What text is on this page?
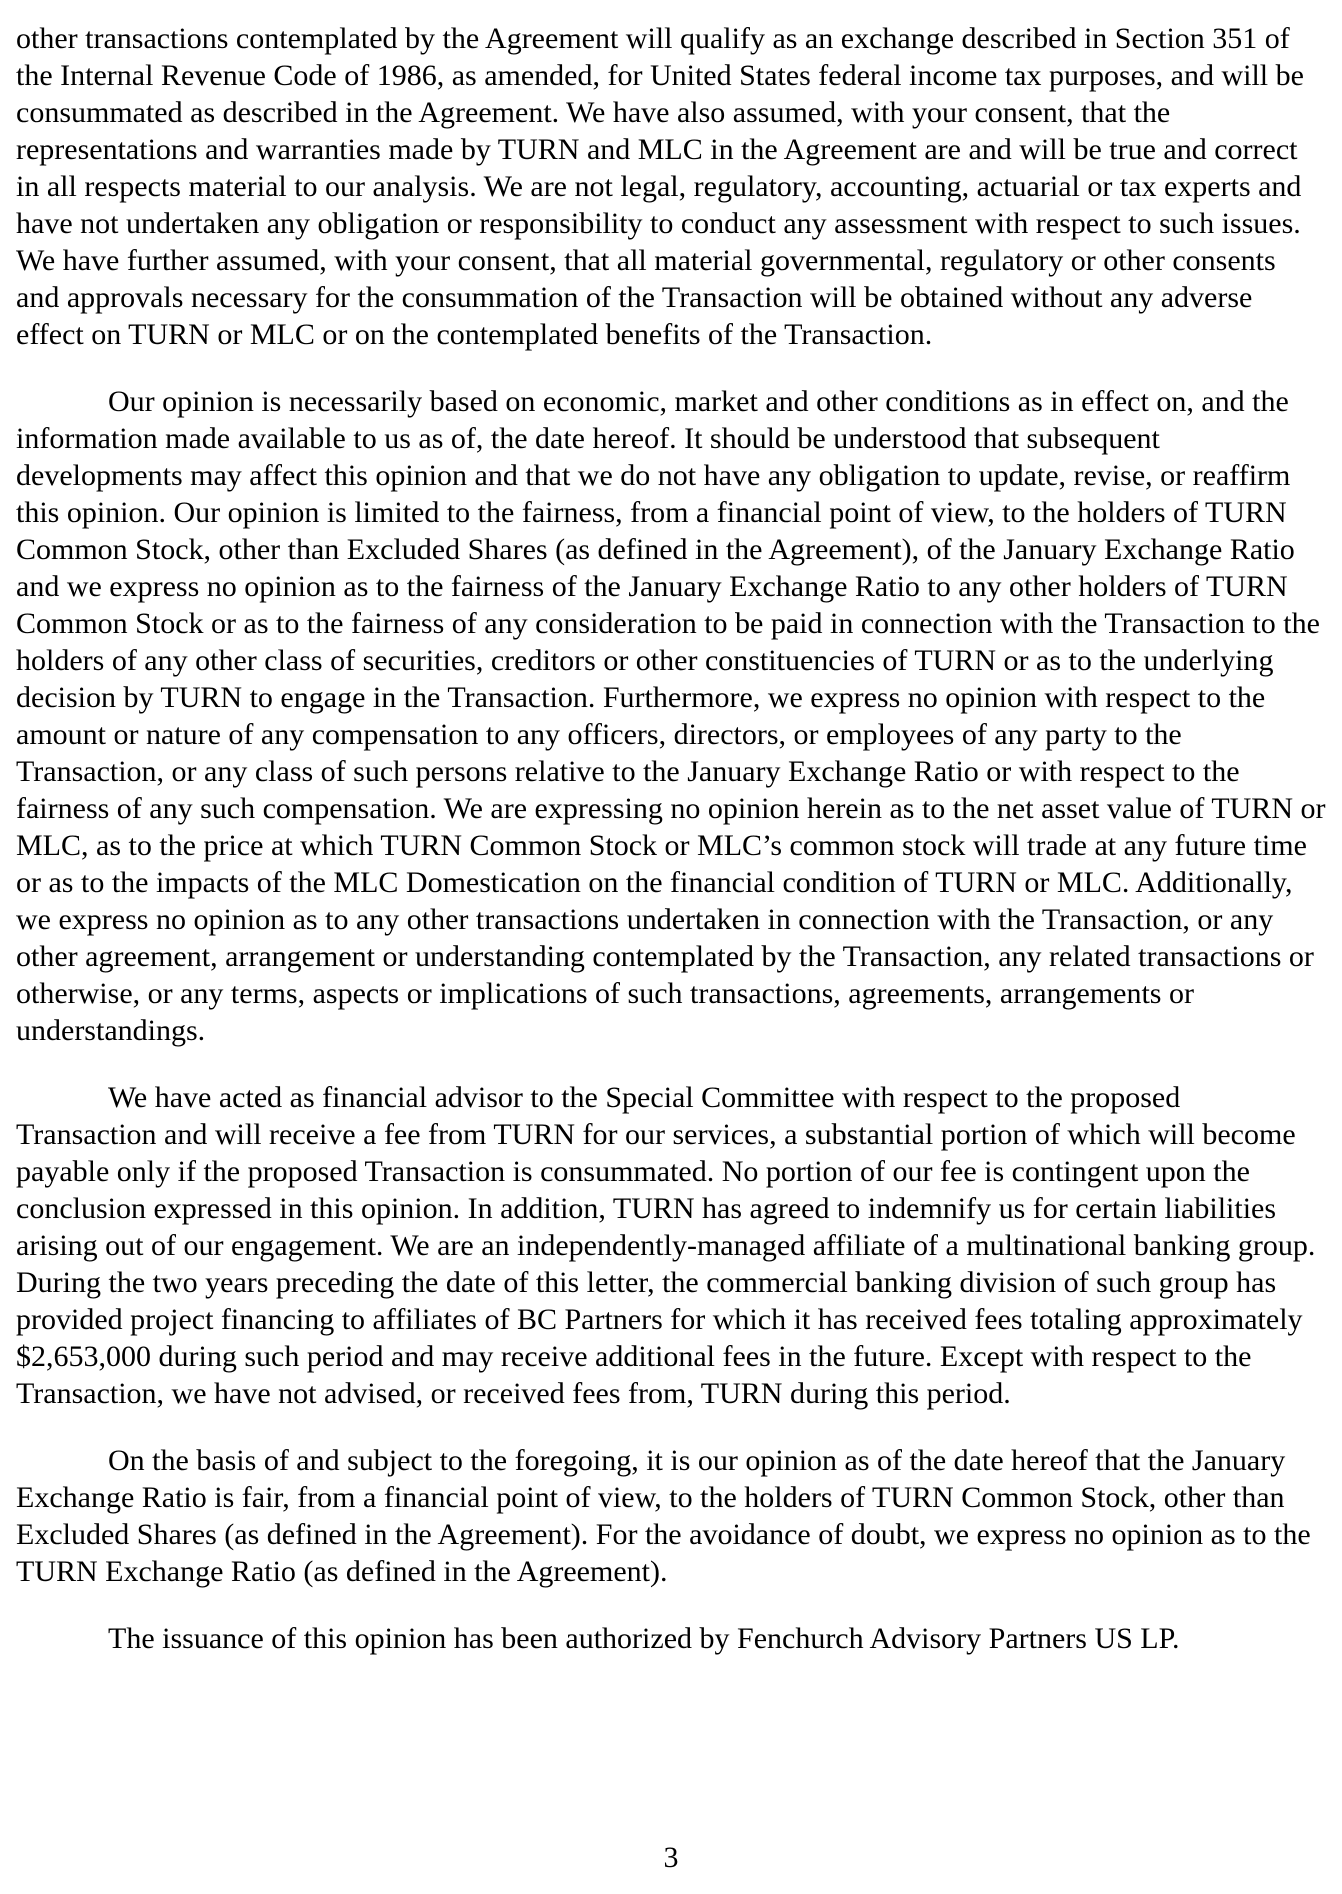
other transactions contemplated by the Agreement will qualify as an exchange described in Section 351 of the Internal Revenue Code of 1986, as amended, for United States federal income tax purposes, and will be consummated as described in the Agreement. We have also assumed, with your consent, that the representations and warranties made by TURN and MLC in the Agreement are and will be true and correct in all respects material to our analysis. We are not legal, regulatory, accounting, actuarial or tax experts and have not undertaken any obligation or responsibility to conduct any assessment with respect to such issues. We have further assumed, with your consent, that all material governmental, regulatory or other consents and approvals necessary for the consummation of the Transaction will be obtained without any adverse effect on TURN or MLC or on the contemplated benefits of the Transaction.

Our opinion is necessarily based on economic, market and other conditions as in effect on, and the information made available to us as of, the date hereof. It should be understood that subsequent developments may affect this opinion and that we do not have any obligation to update, revise, or reaffirm this opinion. Our opinion is limited to the fairness, from a financial point of view, to the holders of TURN Common Stock, other than Excluded Shares (as defined in the Agreement), of the January Exchange Ratio and we express no opinion as to the fairness of the January Exchange Ratio to any other holders of TURN Common Stock or as to the fairness of any consideration to be paid in connection with the Transaction to the holders of any other class of securities, creditors or other constituencies of TURN or as to the underlying decision by TURN to engage in the Transaction. Furthermore, we express no opinion with respect to the amount or nature of any compensation to any officers, directors, or employees of any party to the Transaction, or any class of such persons relative to the January Exchange Ratio or with respect to the fairness of any such compensation. We are expressing no opinion herein as to the net asset value of TURN or MLC, as to the price at which TURN Common Stock or MLC’s common stock will trade at any future time or as to the impacts of the MLC Domestication on the financial condition of TURN or MLC. Additionally, we express no opinion as to any other transactions undertaken in connection with the Transaction, or any other agreement, arrangement or understanding contemplated by the Transaction, any related transactions or otherwise, or any terms, aspects or implications of such transactions, agreements, arrangements or understandings.

We have acted as financial advisor to the Special Committee with respect to the proposed Transaction and will receive a fee from TURN for our services, a substantial portion of which will become payable only if the proposed Transaction is consummated. No portion of our fee is contingent upon the conclusion expressed in this opinion. In addition, TURN has agreed to indemnify us for certain liabilities arising out of our engagement. We are an independently-managed affiliate of a multinational banking group. During the two years preceding the date of this letter, the commercial banking division of such group has provided project financing to affiliates of BC Partners for which it has received fees totaling approximately $2,653,000 during such period and may receive additional fees in the future. Except with respect to the Transaction, we have not advised, or received fees from, TURN during this period.

On the basis of and subject to the foregoing, it is our opinion as of the date hereof that the January Exchange Ratio is fair, from a financial point of view, to the holders of TURN Common Stock, other than Excluded Shares (as defined in the Agreement). For the avoidance of doubt, we express no opinion as to the TURN Exchange Ratio (as defined in the Agreement).

The issuance of this opinion has been authorized by Fenchurch Advisory Partners US LP.

3
